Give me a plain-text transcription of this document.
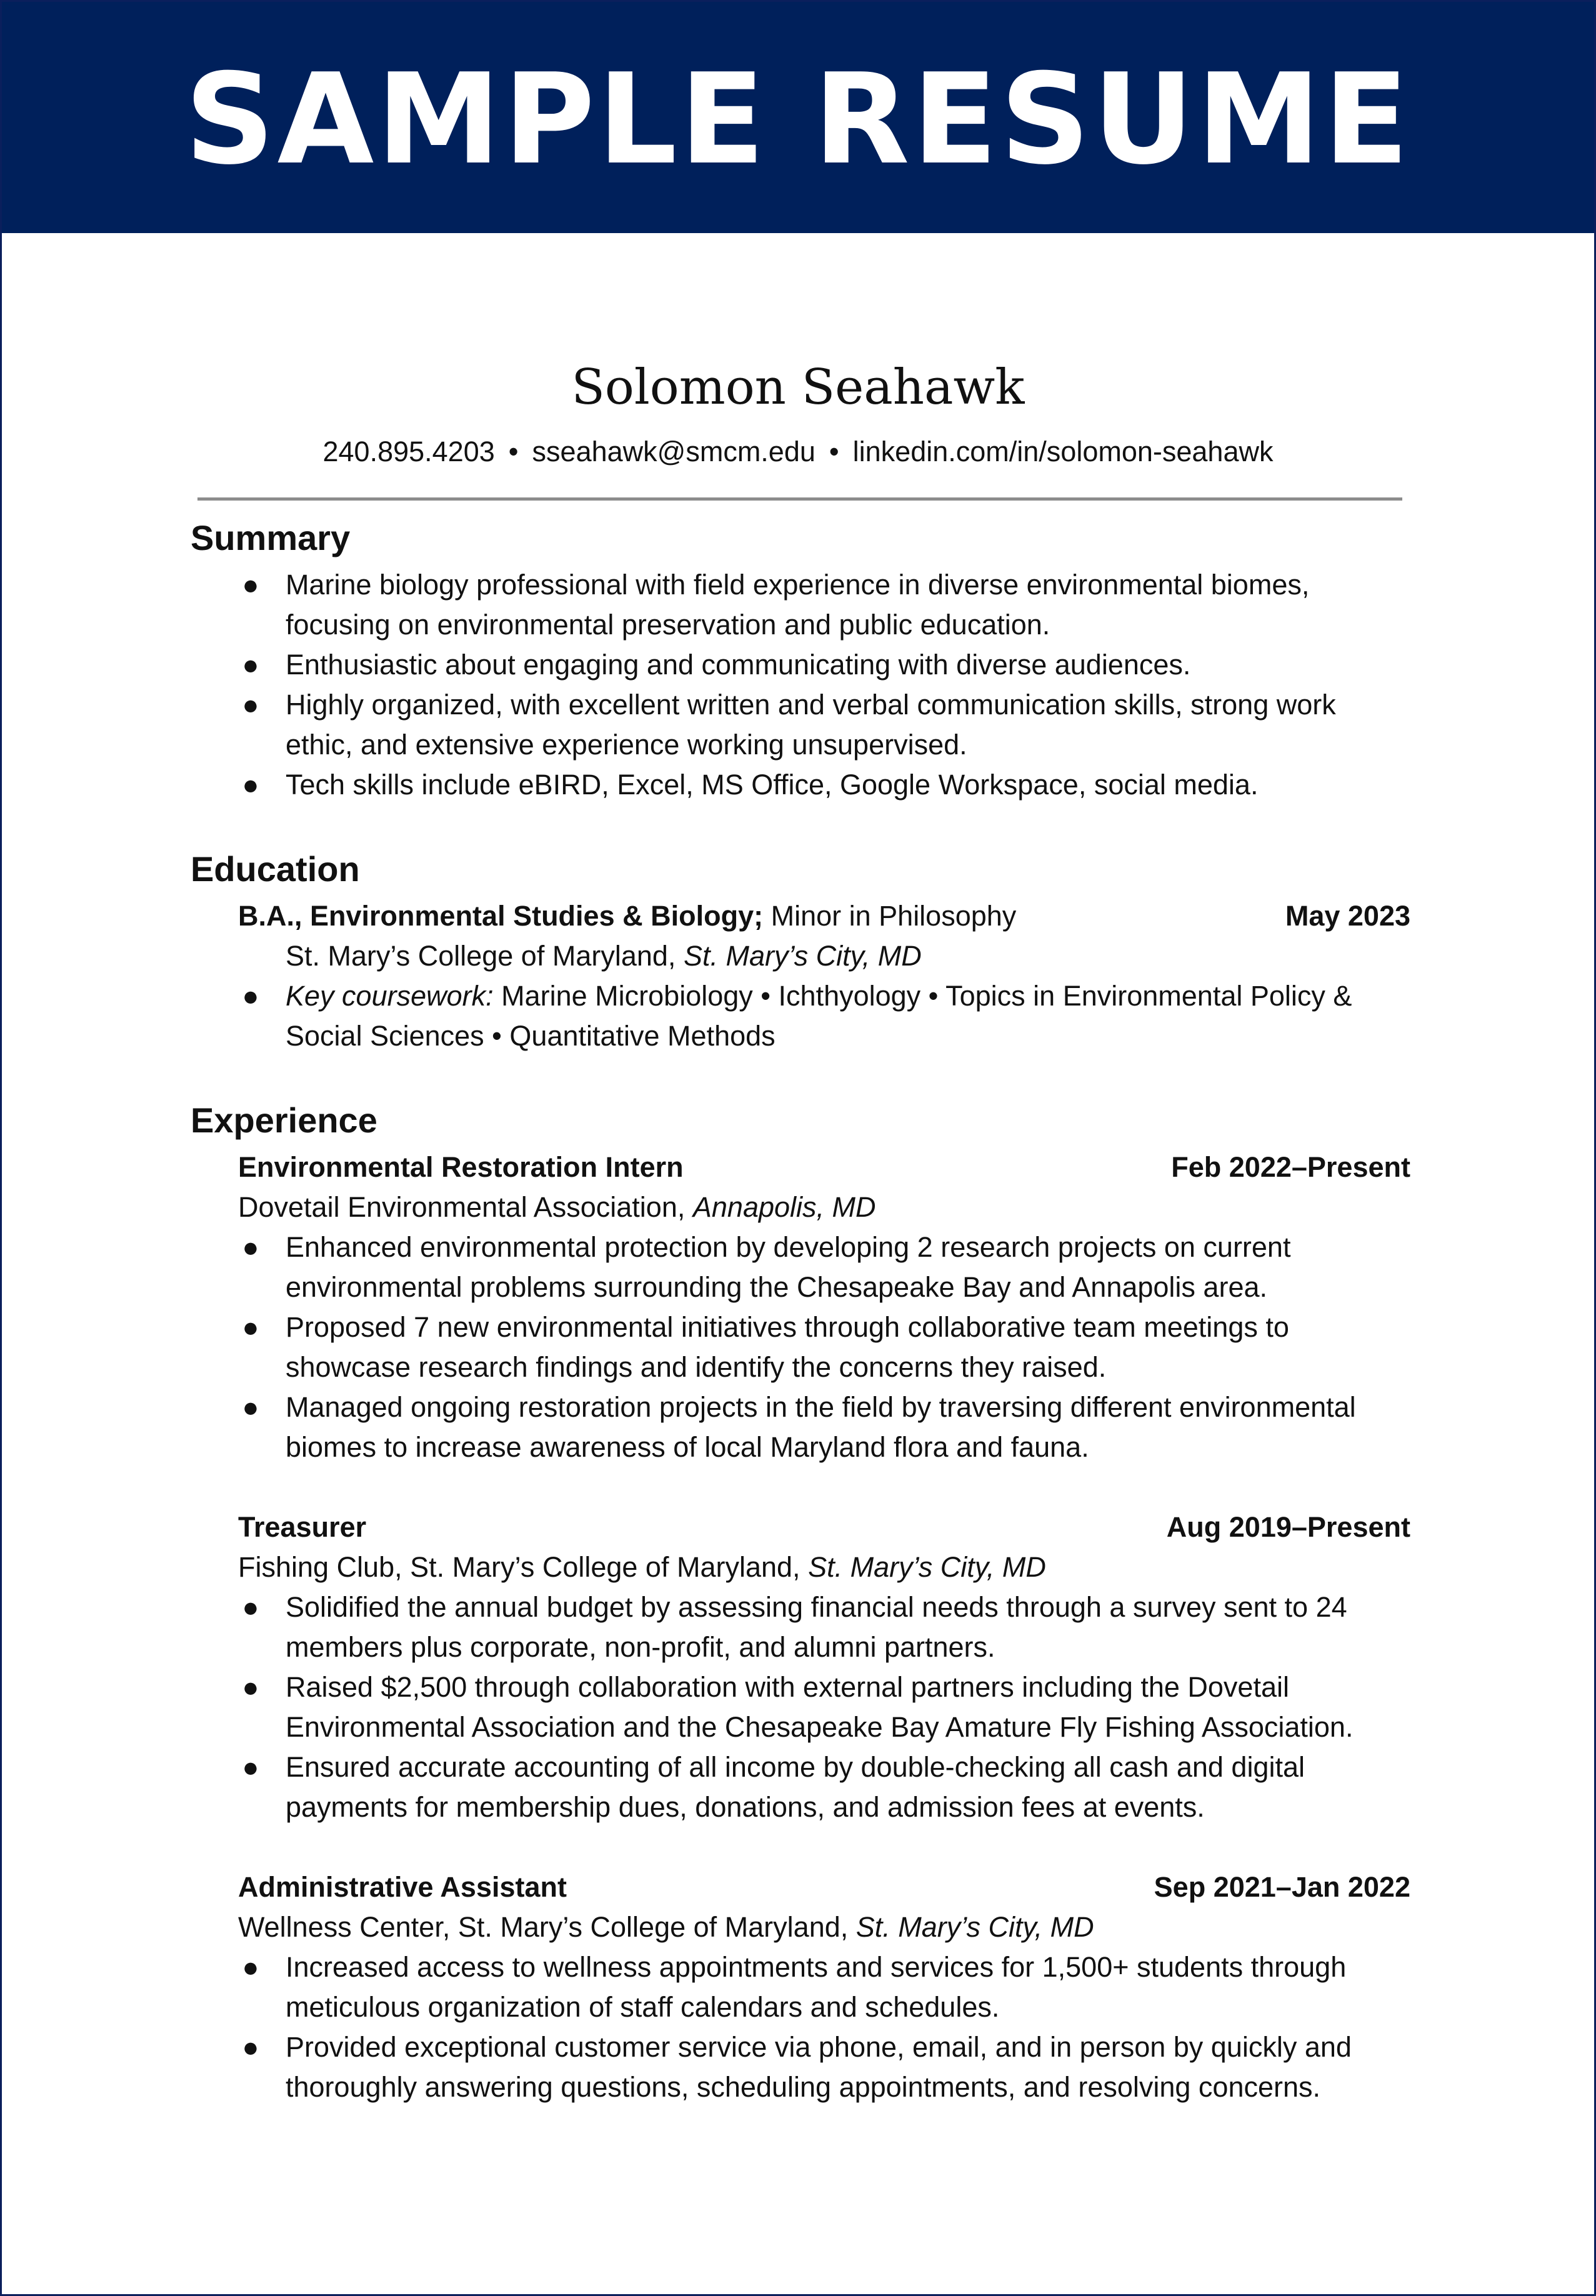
SAMPLE RESUME
Solomon Seahawk
240.895.4203 • sseahawk@smcm.edu • linkedin.com/in/solomon-seahawk
Summary
● Marine biology professional with field experience in diverse environmental biomes, focusing on environmental preservation and public education.
● Enthusiastic about engaging and communicating with diverse audiences.
● Highly organized, with excellent written and verbal communication skills, strong work ethic, and extensive experience working unsupervised.
● Tech skills include eBIRD, Excel, MS Office, Google Workspace, social media.
Education
B.A., Environmental Studies & Biology; Minor in Philosophy	May 2023
St. Mary’s College of Maryland, St. Mary’s City, MD
● Key coursework: Marine Microbiology • Ichthyology • Topics in Environmental Policy & Social Sciences • Quantitative Methods
Experience
Environmental Restoration Intern	Feb 2022–Present
Dovetail Environmental Association, Annapolis, MD
● Enhanced environmental protection by developing 2 research projects on current environmental problems surrounding the Chesapeake Bay and Annapolis area.
● Proposed 7 new environmental initiatives through collaborative team meetings to showcase research findings and identify the concerns they raised.
● Managed ongoing restoration projects in the field by traversing different environmental biomes to increase awareness of local Maryland flora and fauna.
Treasurer	Aug 2019–Present
Fishing Club, St. Mary’s College of Maryland, St. Mary’s City, MD
● Solidified the annual budget by assessing financial needs through a survey sent to 24 members plus corporate, non-profit, and alumni partners.
● Raised $2,500 through collaboration with external partners including the Dovetail Environmental Association and the Chesapeake Bay Amature Fly Fishing Association.
● Ensured accurate accounting of all income by double-checking all cash and digital payments for membership dues, donations, and admission fees at events.
Administrative Assistant	Sep 2021–Jan 2022
Wellness Center, St. Mary’s College of Maryland, St. Mary’s City, MD
● Increased access to wellness appointments and services for 1,500+ students through meticulous organization of staff calendars and schedules.
● Provided exceptional customer service via phone, email, and in person by quickly and thoroughly answering questions, scheduling appointments, and resolving concerns.
